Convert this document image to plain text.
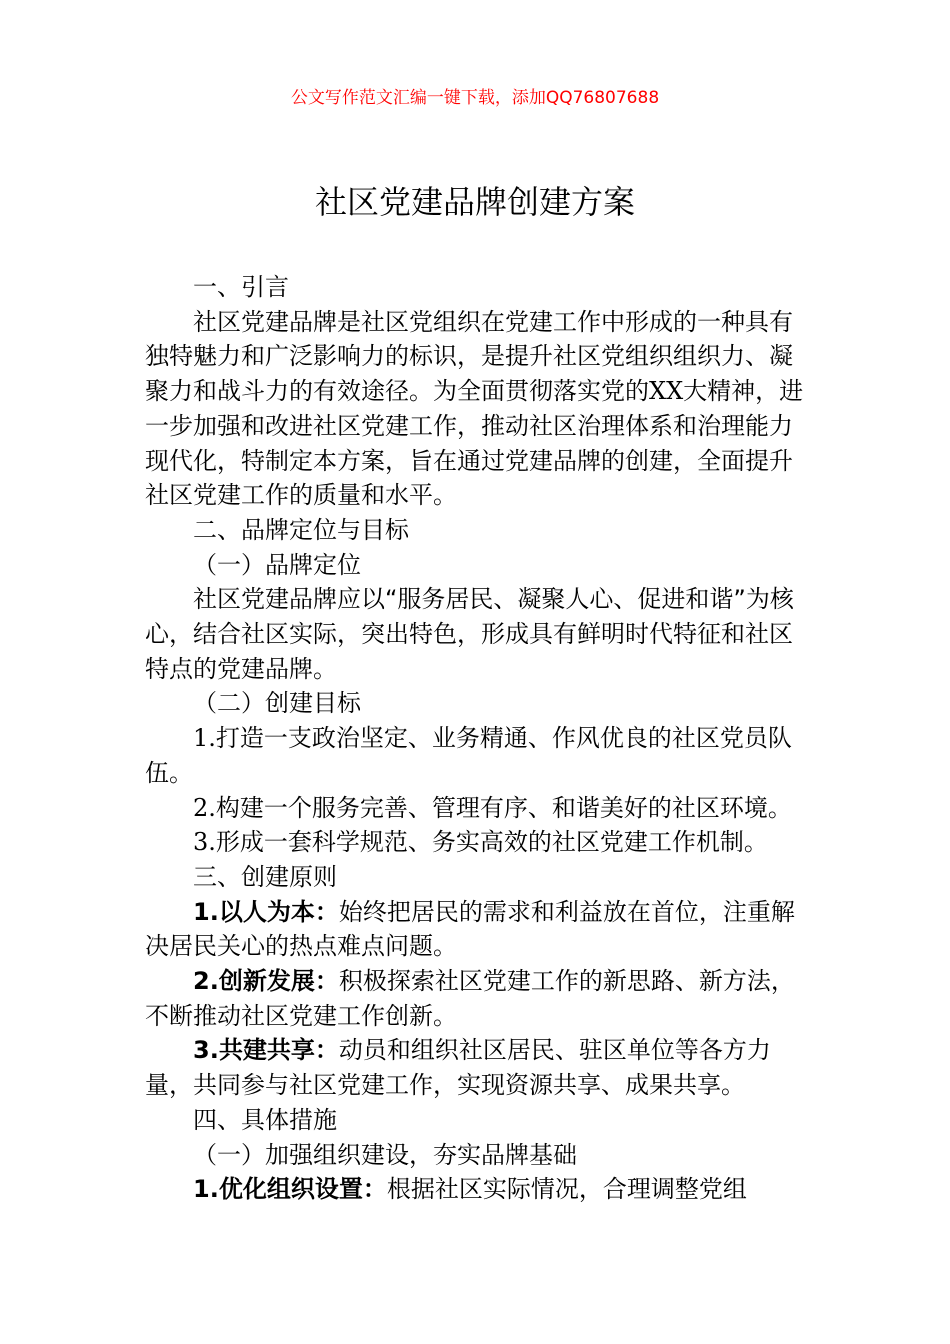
公文写作范文汇编一键下载，添加QQ76807688
社区党建品牌创建方案

一、引言

社区党建品牌是社区党组织在党建工作中形成的一种具有独特魅力和广泛影响力的标识，是提升社区党组织组织力、凝聚力和战斗力的有效途径。为全面贯彻落实党的XX大精神，进一步加强和改进社区党建工作，推动社区治理体系和治理能力现代化，特制定本方案，旨在通过党建品牌的创建，全面提升社区党建工作的质量和水平。

二、品牌定位与目标

（一）品牌定位

社区党建品牌应以“服务居民、凝聚人心、促进和谐”为核心，结合社区实际，突出特色，形成具有鲜明时代特征和社区特点的党建品牌。

（二）创建目标

1.打造一支政治坚定、业务精通、作风优良的社区党员队伍。

2.构建一个服务完善、管理有序、和谐美好的社区环境。

3.形成一套科学规范、务实高效的社区党建工作机制。

三、创建原则

1.以人为本：始终把居民的需求和利益放在首位，注重解决居民关心的热点难点问题。

2.创新发展：积极探索社区党建工作的新思路、新方法，不断推动社区党建工作创新。

3.共建共享：动员和组织社区居民、驻区单位等各方力量，共同参与社区党建工作，实现资源共享、成果共享。

四、具体措施

（一）加强组织建设，夯实品牌基础

1.优化组织设置：根据社区实际情况，合理调整党组
